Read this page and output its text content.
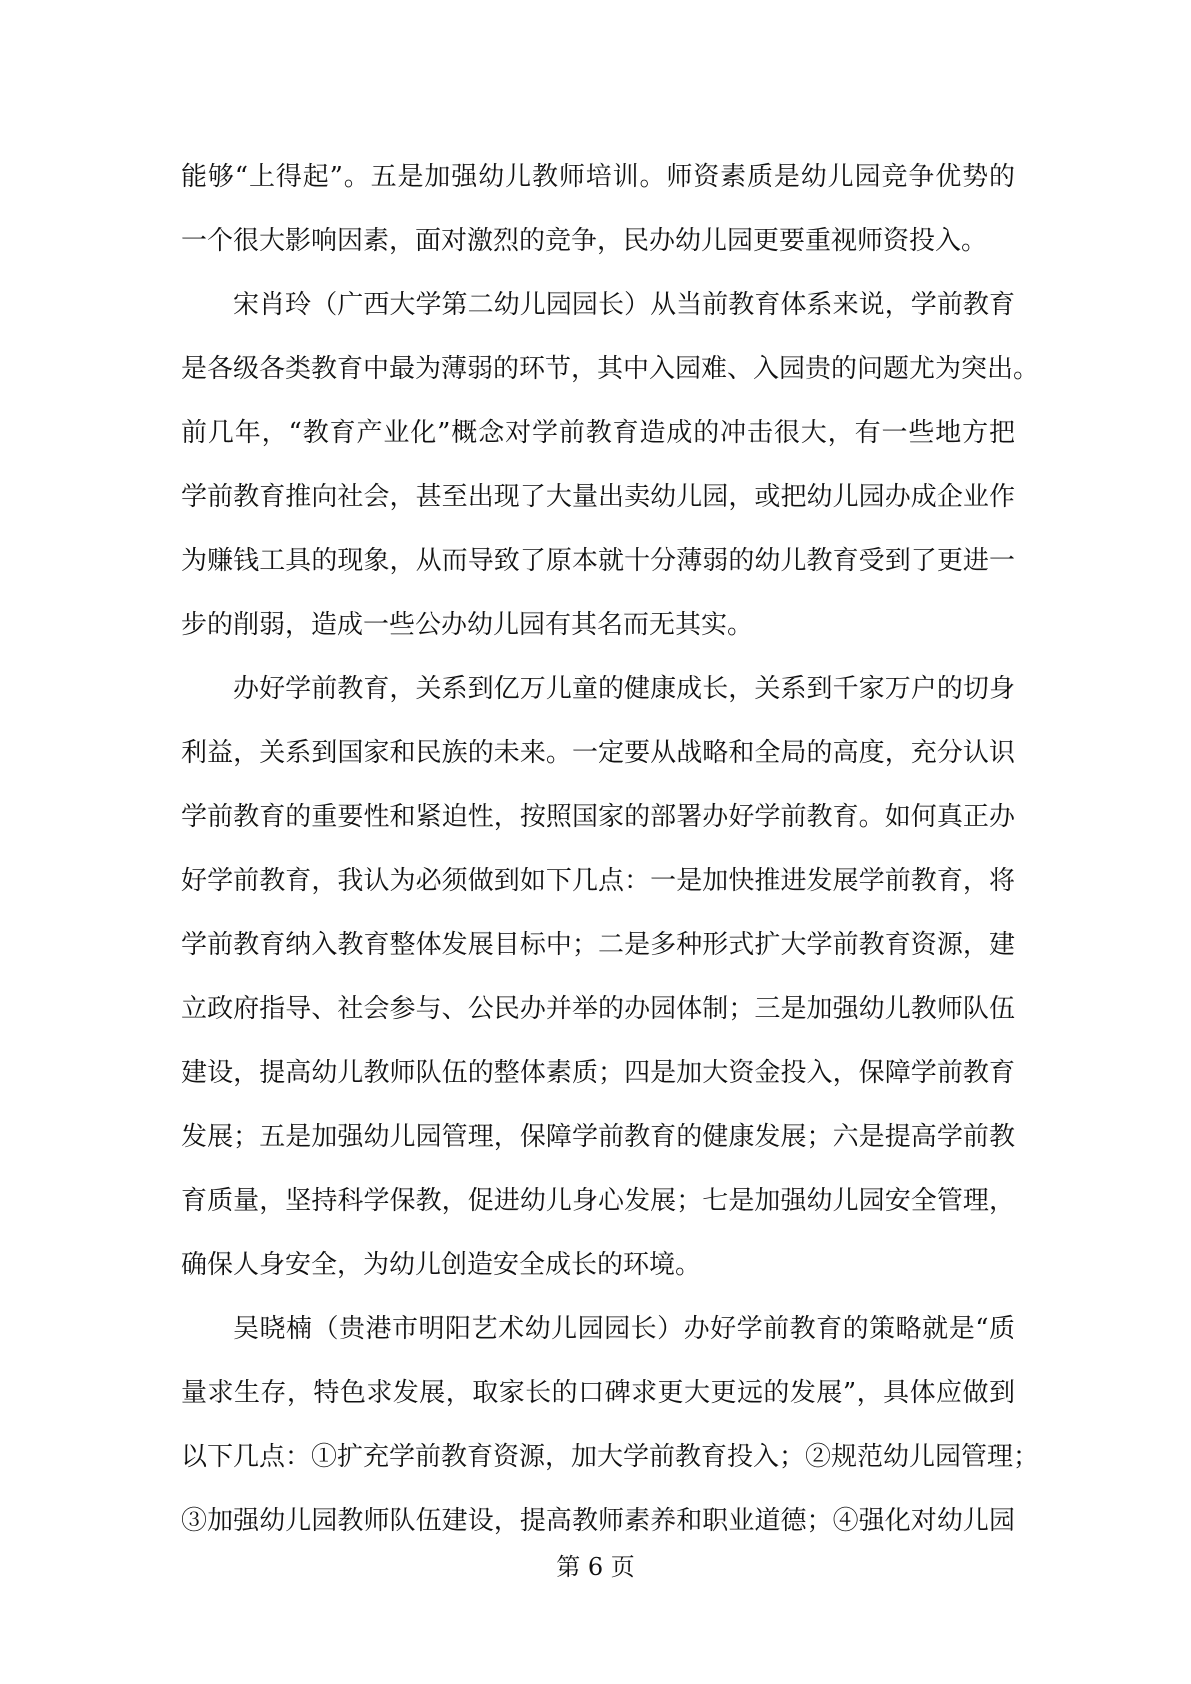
能够“上得起”。五是加强幼儿教师培训。师资素质是幼儿园竞争优势的
一个很大影响因素，面对激烈的竞争，民办幼儿园更要重视师资投入。
宋肖玲（广西大学第二幼儿园园长）从当前教育体系来说，学前教育
是各级各类教育中最为薄弱的环节，其中入园难、入园贵的问题尤为突出。
前几年，“教育产业化”概念对学前教育造成的冲击很大，有一些地方把
学前教育推向社会，甚至出现了大量出卖幼儿园，或把幼儿园办成企业作
为赚钱工具的现象，从而导致了原本就十分薄弱的幼儿教育受到了更进一
步的削弱，造成一些公办幼儿园有其名而无其实。
办好学前教育，关系到亿万儿童的健康成长，关系到千家万户的切身
利益，关系到国家和民族的未来。一定要从战略和全局的高度，充分认识
学前教育的重要性和紧迫性，按照国家的部署办好学前教育。如何真正办
好学前教育，我认为必须做到如下几点：一是加快推进发展学前教育，将
学前教育纳入教育整体发展目标中；二是多种形式扩大学前教育资源，建
立政府指导、社会参与、公民办并举的办园体制；三是加强幼儿教师队伍
建设，提高幼儿教师队伍的整体素质；四是加大资金投入，保障学前教育
发展；五是加强幼儿园管理，保障学前教育的健康发展；六是提高学前教
育质量，坚持科学保教，促进幼儿身心发展；七是加强幼儿园安全管理，
确保人身安全，为幼儿创造安全成长的环境。
吴晓楠（贵港市明阳艺术幼儿园园长）办好学前教育的策略就是“质
量求生存，特色求发展，取家长的口碑求更大更远的发展”，具体应做到
以下几点：①扩充学前教育资源，加大学前教育投入；②规范幼儿园管理；
③加强幼儿园教师队伍建设，提高教师素养和职业道德；④强化对幼儿园
第 6 页
